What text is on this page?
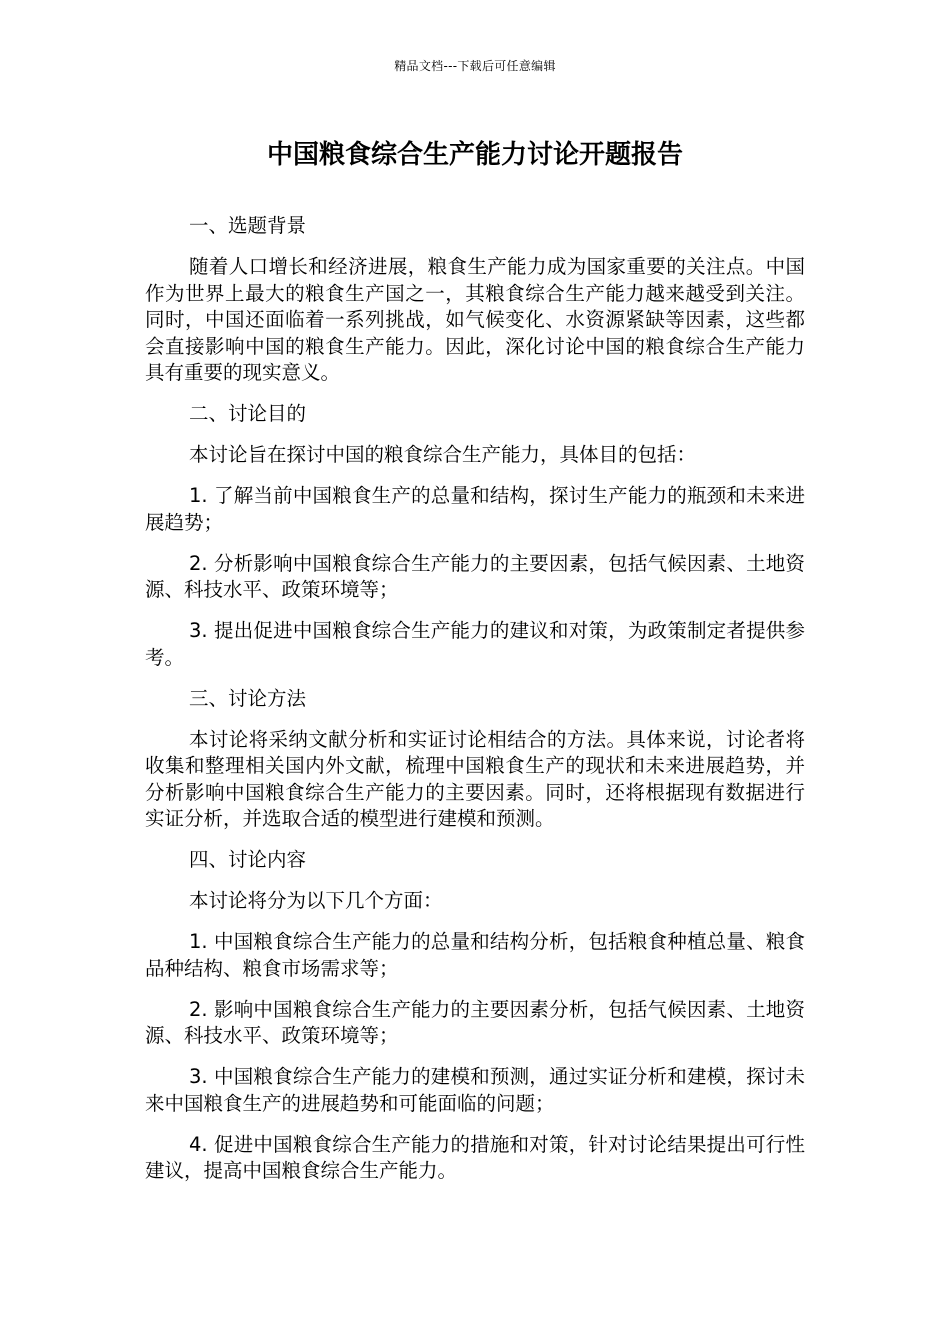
精品文档---下载后可任意编辑
中国粮食综合生产能力讨论开题报告

一、选题背景

随着人口增长和经济进展，粮食生产能力成为国家重要的关注点。中国作为世界上最大的粮食生产国之一，其粮食综合生产能力越来越受到关注。同时，中国还面临着一系列挑战，如气候变化、水资源紧缺等因素，这些都会直接影响中国的粮食生产能力。因此，深化讨论中国的粮食综合生产能力具有重要的现实意义。

二、讨论目的

本讨论旨在探讨中国的粮食综合生产能力，具体目的包括：

1. 了解当前中国粮食生产的总量和结构，探讨生产能力的瓶颈和未来进展趋势；

2. 分析影响中国粮食综合生产能力的主要因素，包括气候因素、土地资源、科技水平、政策环境等；

3. 提出促进中国粮食综合生产能力的建议和对策，为政策制定者提供参考。

三、讨论方法

本讨论将采纳文献分析和实证讨论相结合的方法。具体来说，讨论者将收集和整理相关国内外文献，梳理中国粮食生产的现状和未来进展趋势，并分析影响中国粮食综合生产能力的主要因素。同时，还将根据现有数据进行实证分析，并选取合适的模型进行建模和预测。

四、讨论内容

本讨论将分为以下几个方面：

1. 中国粮食综合生产能力的总量和结构分析，包括粮食种植总量、粮食品种结构、粮食市场需求等；

2. 影响中国粮食综合生产能力的主要因素分析，包括气候因素、土地资源、科技水平、政策环境等；

3. 中国粮食综合生产能力的建模和预测，通过实证分析和建模，探讨未来中国粮食生产的进展趋势和可能面临的问题；

4. 促进中国粮食综合生产能力的措施和对策，针对讨论结果提出可行性建议，提高中国粮食综合生产能力。
